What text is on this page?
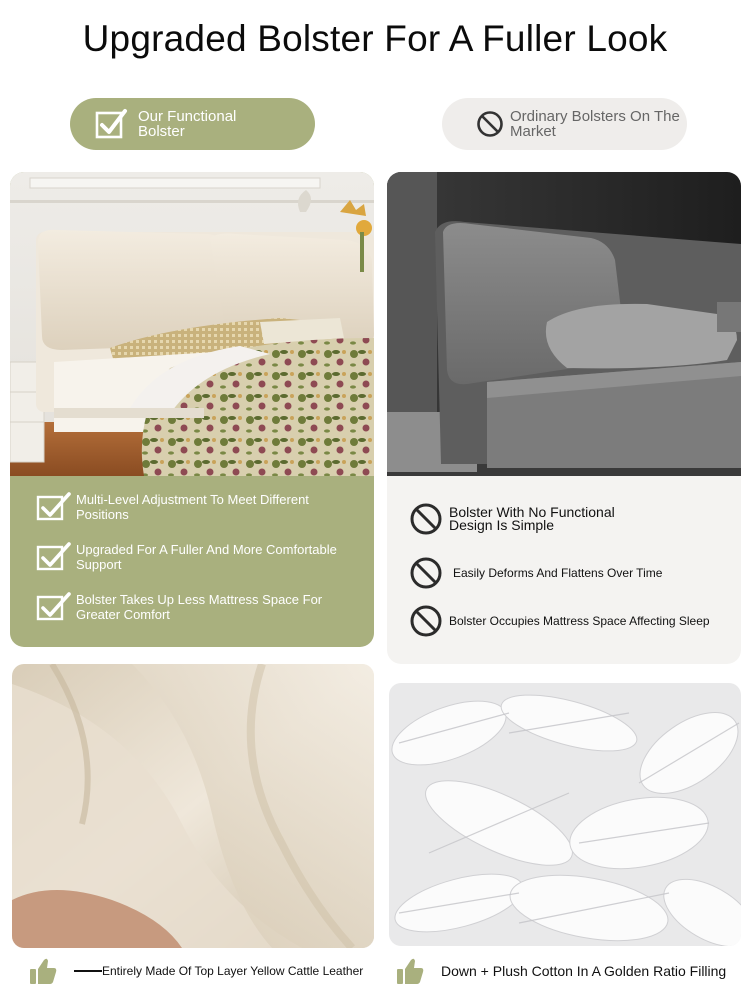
Upgraded Bolster For A Fuller Look
Our Functional Bolster
Ordinary Bolsters On The Market
Multi-Level Adjustment To Meet Different Positions
Upgraded For A Fuller And More Comfortable Support
Bolster Takes Up Less Mattress Space For Greater Comfort
Bolster With No Functional Design Is Simple
Easily Deforms And Flattens Over Time
Bolster Occupies Mattress Space Affecting Sleep
Entirely Made Of Top Layer Yellow Cattle Leather	Down + Plush Cotton In A Golden Ratio Filling
